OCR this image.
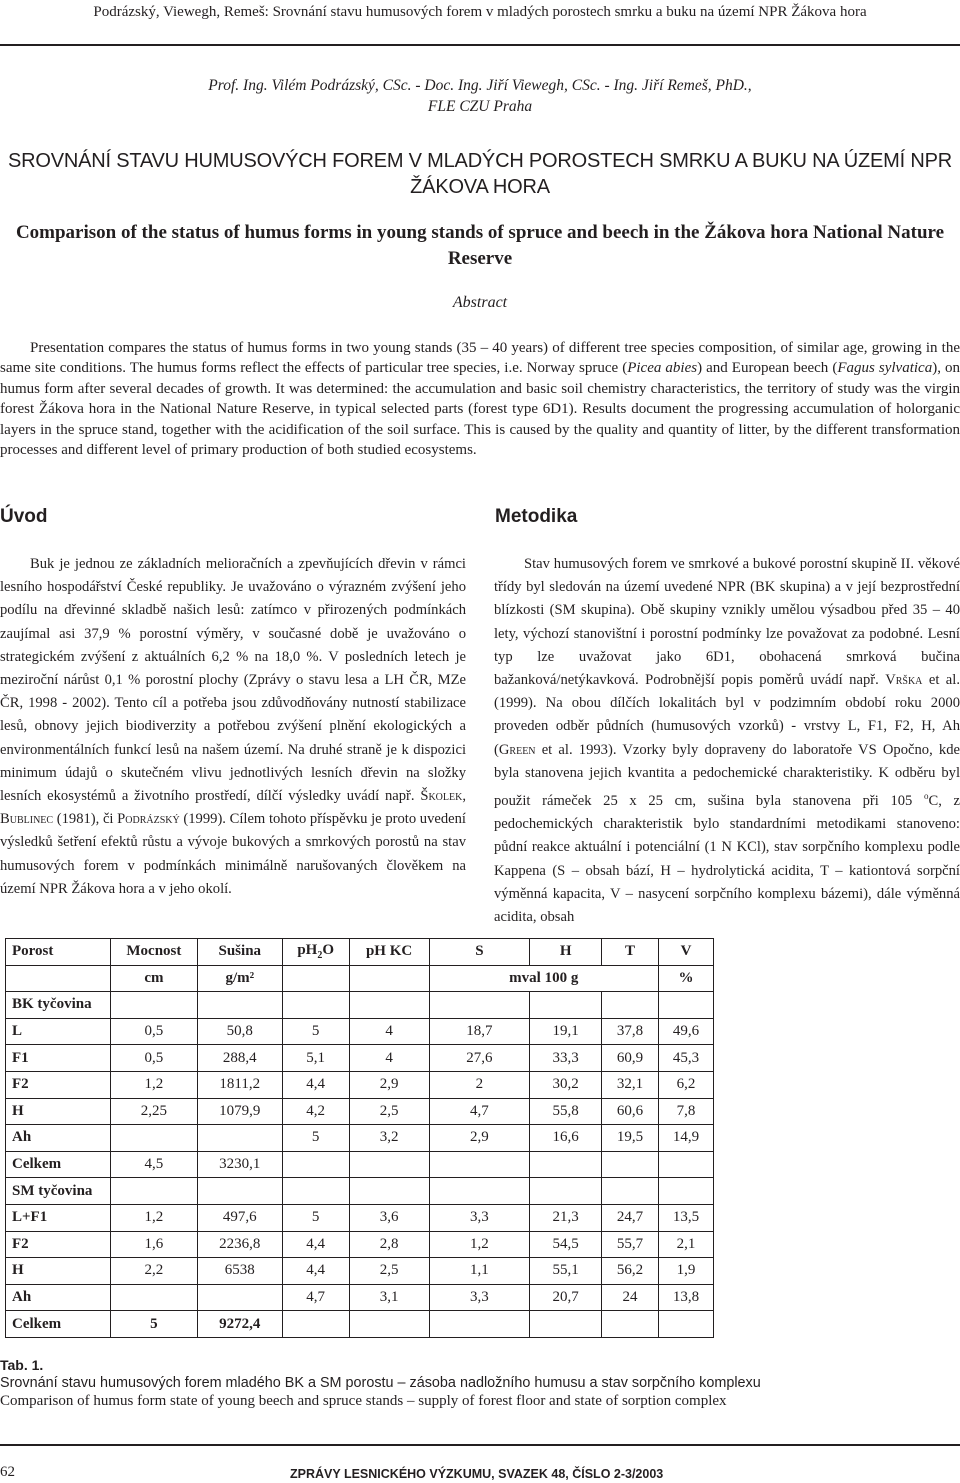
Podrázský, Viewegh, Remeš: Srovnání stavu humusových forem v mladých porostech smrku a buku na území NPR Žákova hora
Prof. Ing. Vilém Podrázský, CSc. - Doc. Ing. Jiří Viewegh, CSc. - Ing. Jiří Remeš, PhD.,
FLE CZU Praha
SROVNÁNÍ STAVU HUMUSOVÝCH FOREM V MLADÝCH POROSTECH SMRKU A BUKU NA ÚZEMÍ NPR ŽÁKOVA HORA
Comparison of the status of humus forms in young stands of spruce and beech in the Žákova hora National Nature Reserve
Abstract

Presentation compares the status of humus forms in two young stands (35 – 40 years) of different tree species composition, of similar age, growing in the same site conditions. The humus forms reflect the effects of particular tree species, i.e. Norway spruce (Picea abies) and European beech (Fagus sylvatica), on humus form after several decades of growth. It was determined: the accumulation and basic soil chemistry characteristics, the territory of study was the virgin forest Žákova hora in the National Nature Reserve, in typical selected parts (forest type 6D1). Results document the progressing accumulation of holorganic layers in the spruce stand, together with the acidification of the soil surface. This is caused by the quality and quantity of litter, by the different transformation processes and different level of primary production of both studied ecosystems.

Úvod	Metodika

Buk je jednou ze základních melioračních a zpevňujících dřevin v rámci lesního hospodářství České republiky. Je uvažováno o výrazném zvýšení jeho podílu na dřevinné skladbě našich lesů: zatímco v přirozených podmínkách zaujímal asi 37,9 % porostní výměry, v současné době je uvažováno o strategickém zvýšení z aktuálních 6,2 % na 18,0 %. V posledních letech je meziroční nárůst 0,1 % porostní plochy (Zprávy o stavu lesa a LH ČR, MZe ČR, 1998 - 2002). Tento cíl a potřeba jsou zdůvodňovány nutností stabilizace lesů, obnovy jejich biodiverzity a potřebou zvýšení plnění ekologických a environmentálních funkcí lesů na našem území. Na druhé straně je k dispozici minimum údajů o skutečném vlivu jednotlivých lesních dřevin na složky lesních ekosystémů a životního prostředí, dílčí výsledky uvádí např. Školek, Bublinec (1981), či Podrázský (1999). Cílem tohoto příspěvku je proto uvedení výsledků šetření efektů růstu a vývoje bukových a smrkových porostů na stav humusových forem v podmínkách minimálně narušovaných člověkem na území NPR Žákova hora a v jeho okolí.

Stav humusových forem ve smrkové a bukové porostní skupině II. věkové třídy byl sledován na území uvedené NPR (BK skupina) a v její bezprostřední blízkosti (SM skupina). Obě skupiny vznikly umělou výsadbou před 35 – 40 lety, výchozí stanovištní i porostní podmínky lze považovat za podobné. Lesní typ lze uvažovat jako 6D1, obohacená smrková bučina bažanková/netýkavková. Podrobnější popis poměrů uvádí např. Vrška et al. (1999). Na obou dílčích lokalitách byl v podzimním období roku 2000 proveden odběr půdních (humusových vzorků) - vrstvy L, F1, F2, H, Ah (Green et al. 1993). Vzorky byly dopraveny do laboratoře VS Opočno, kde byla stanovena jejich kvantita a pedochemické charakteristiky. K odběru byl použit rámeček 25 x 25 cm, sušina byla stanovena při 105 $^o$C, z pedochemických charakteristik bylo standardními metodikami stanoveno: půdní reakce aktuální i potenciální (1 N KCl), stav sorpčního komplexu podle Kappena (S – obsah bází, H – hydrolytická acidita, T – kationtová sorpční výměnná kapacita, V – nasycení sorpčního komplexu bázemi), dále výměnná acidita, obsah

Porost	Mocnost	Sušina	$pH_2O$	pH KC	S	H	T	V
	cm	g/m²			mval 100 g			%
BK tyčovina								
L	0,5	50,8	5	4	18,7	19,1	37,8	49,6
F1	0,5	288,4	5,1	4	27,6	33,3	60,9	45,3
F2	1,2	1811,2	4,4	2,9	2	30,2	32,1	6,2
H	2,25	1079,9	4,2	2,5	4,7	55,8	60,6	7,8
Ah			5	3,2	2,9	16,6	19,5	14,9
Celkem	4,5	3230,1						
SM tyčovina								
L+F1	1,2	497,6	5	3,6	3,3	21,3	24,7	13,5
F2	1,6	2236,8	4,4	2,8	1,2	54,5	55,7	2,1
H	2,2	6538	4,4	2,5	1,1	55,1	56,2	1,9
Ah			4,7	3,1	3,3	20,7	24	13,8
Celkem	5	9272,4						
Tab. 1.
Srovnání stavu humusových forem mladého BK a SM porostu – zásoba nadložního humusu a stav sorpčního komplexu
Comparison of humus form state of young beech and spruce stands – supply of forest floor and state of sorption complex
62	ZPRÁVY LESNICKÉHO VÝZKUMU, SVAZEK 48, ČÍSLO 2-3/2003
